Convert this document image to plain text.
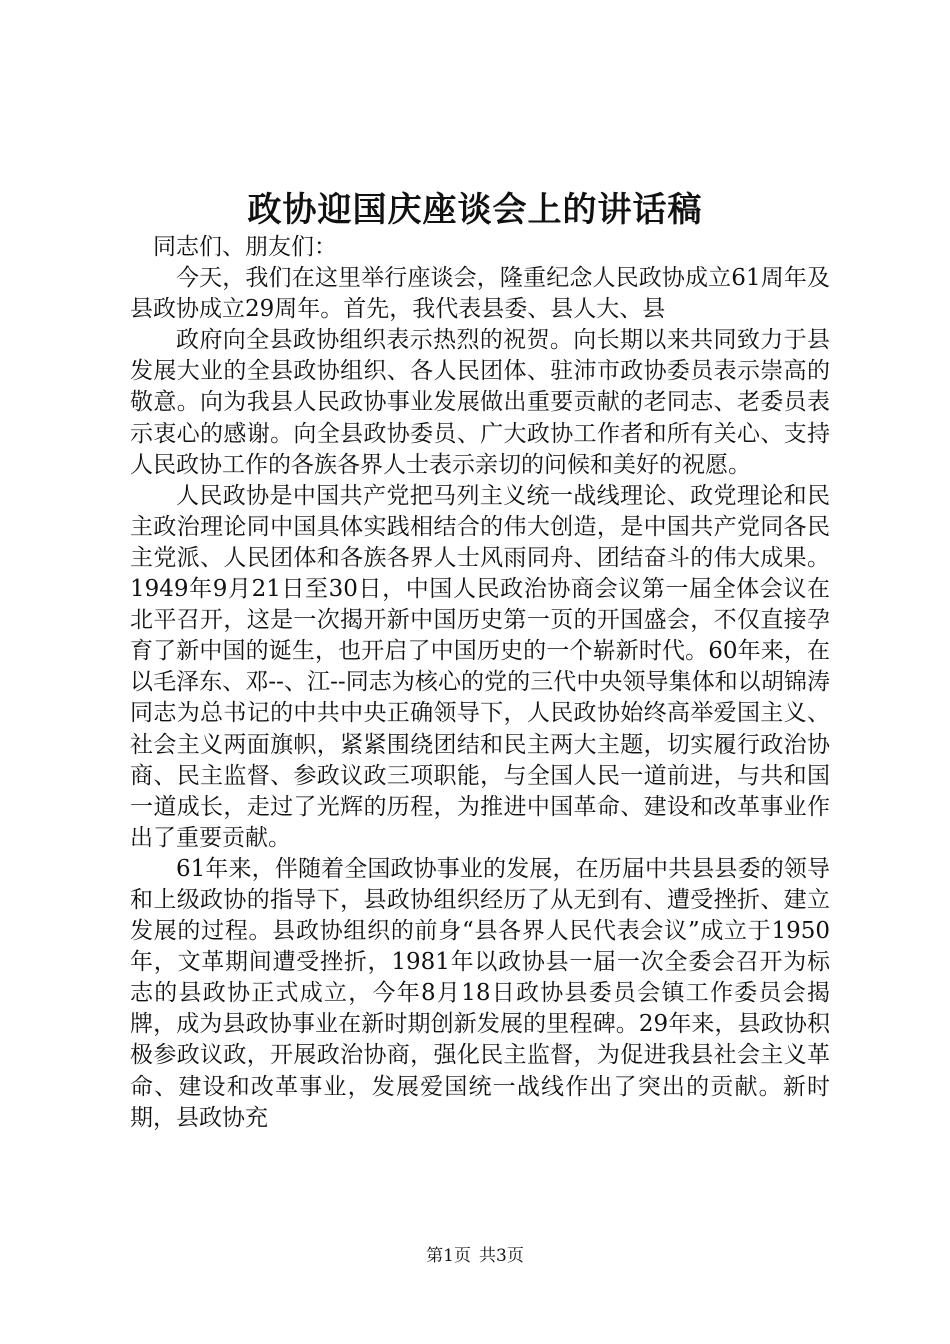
政协迎国庆座谈会上的讲话稿

同志们、朋友们：

今天，我们在这里举行座谈会，隆重纪念人民政协成立61周年及县政协成立29周年。首先，我代表县委、县人大、县

政府向全县政协组织表示热烈的祝贺。向长期以来共同致力于县发展大业的全县政协组织、各人民团体、驻沛市政协委员表示崇高的敬意。向为我县人民政协事业发展做出重要贡献的老同志、老委员表示衷心的感谢。向全县政协委员、广大政协工作者和所有关心、支持人民政协工作的各族各界人士表示亲切的问候和美好的祝愿。

人民政协是中国共产党把马列主义统一战线理论、政党理论和民主政治理论同中国具体实践相结合的伟大创造，是中国共产党同各民主党派、人民团体和各族各界人士风雨同舟、团结奋斗的伟大成果。1949年9月21日至30日，中国人民政治协商会议第一届全体会议在北平召开，这是一次揭开新中国历史第一页的开国盛会，不仅直接孕育了新中国的诞生，也开启了中国历史的一个崭新时代。60年来，在以毛泽东、邓--、江--同志为核心的党的三代中央领导集体和以胡锦涛同志为总书记的中共中央正确领导下，人民政协始终高举爱国主义、社会主义两面旗帜，紧紧围绕团结和民主两大主题，切实履行政治协商、民主监督、参政议政三项职能，与全国人民一道前进，与共和国一道成长，走过了光辉的历程，为推进中国革命、建设和改革事业作出了重要贡献。

61年来，伴随着全国政协事业的发展，在历届中共县县委的领导和上级政协的指导下，县政协组织经历了从无到有、遭受挫折、建立发展的过程。县政协组织的前身“县各界人民代表会议”成立于1950年，文革期间遭受挫折，1981年以政协县一届一次全委会召开为标志的县政协正式成立，今年8月18日政协县委员会镇工作委员会揭牌，成为县政协事业在新时期创新发展的里程碑。29年来，县政协积极参政议政，开展政治协商，强化民主监督，为促进我县社会主义革命、建设和改革事业，发展爱国统一战线作出了突出的贡献。新时期，县政协充

第1页 共3页
